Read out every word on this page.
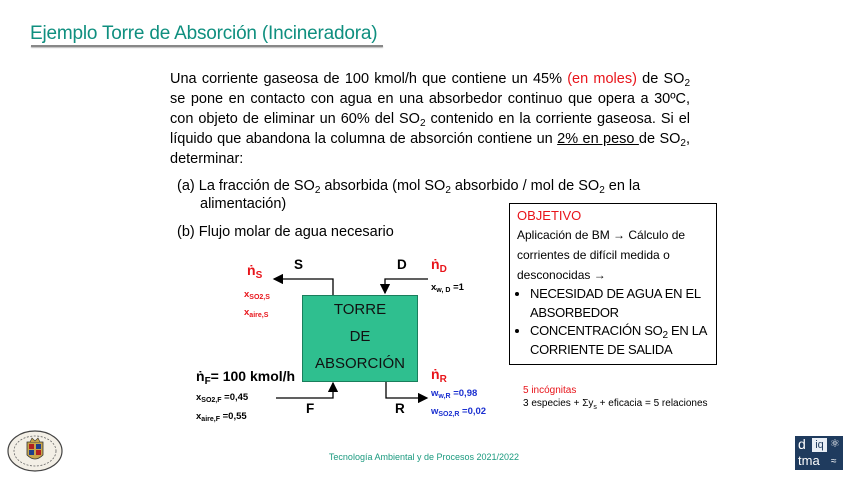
Ejemplo Torre de Absorción (Incineradora)
Una corriente gaseosa de 100 kmol/h que contiene un 45% (en moles) de $SO_2$ se pone en contacto con agua en una absorbedor continuo que opera a 30ºC, con objeto de eliminar un 60% del $SO_2$ contenido en la corriente gaseosa. Si el líquido que abandona la columna de absorción contiene un 2% en peso de $SO_2$, determinar:
(a) La fracción de $SO_2$ absorbida (mol $SO_2$ absorbido / mol de $SO_2$ en la
alimentación)
(b) Flujo molar de agua necesario
OBJETIVO
Aplicación de BM → Cálculo de corrientes de difícil medida o desconocidas →
• NECESIDAD DE AGUA EN EL ABSORBEDOR
• CONCENTRACIÓN $SO_2$ EN LA CORRIENTE DE SALIDA
TORRE
DE
ABSORCIÓN
S	D
F	R
ṅ$_S$
$x_{SO2,S}$
$x_{aire,S}$
ṅ$_D$
$x_{w, D} =1$
ṅ$_F$= 100 kmol/h
$x_{SO2,F} =0,45$
$x_{aire,F} =0,55$
ṅ$_R$
$w_{w,R} =0,98$
$w_{SO2,R} =0,02$
5 incógnitas
3 especies + $\Sigma y_s$ + eficacia = 5 relaciones
Tecnología Ambiental y de Procesos 2021/2022
d iq ⚛
tma ≈
